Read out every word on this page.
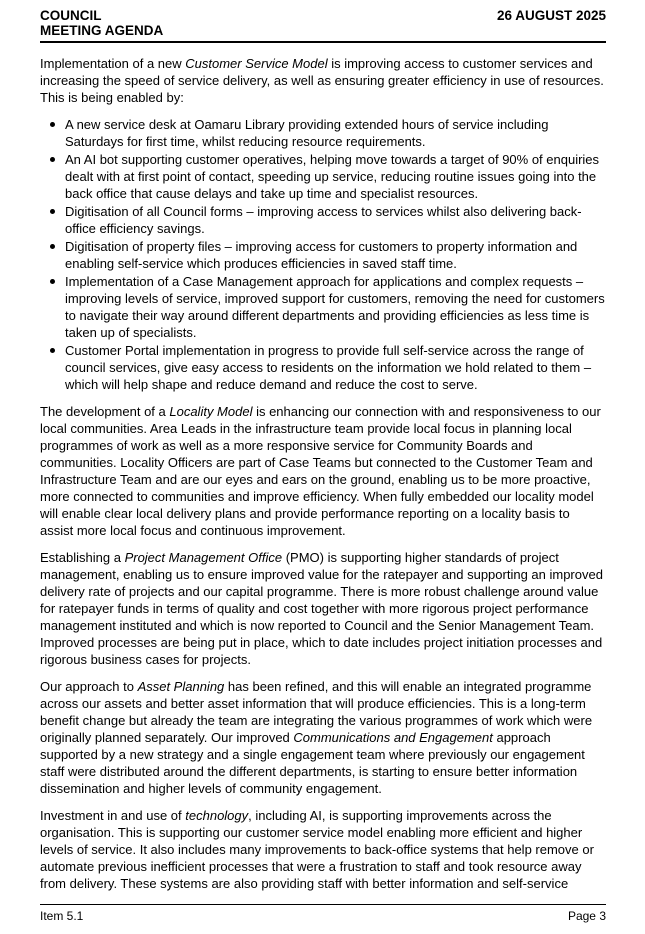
COUNCIL
MEETING AGENDA
26 AUGUST 2025

Implementation of a new Customer Service Model is improving access to customer services and increasing the speed of service delivery, as well as ensuring greater efficiency in use of resources. This is being enabled by:

A new service desk at Oamaru Library providing extended hours of service including Saturdays for first time, whilst reducing resource requirements.
An AI bot supporting customer operatives, helping move towards a target of 90% of enquiries dealt with at first point of contact, speeding up service, reducing routine issues going into the back office that cause delays and take up time and specialist resources.
Digitisation of all Council forms – improving access to services whilst also delivering back-office efficiency savings.
Digitisation of property files – improving access for customers to property information and enabling self-service which produces efficiencies in saved staff time.
Implementation of a Case Management approach for applications and complex requests – improving levels of service, improved support for customers, removing the need for customers to navigate their way around different departments and providing efficiencies as less time is taken up of specialists.
Customer Portal implementation in progress to provide full self-service across the range of council services, give easy access to residents on the information we hold related to them – which will help shape and reduce demand and reduce the cost to serve.

The development of a Locality Model is enhancing our connection with and responsiveness to our local communities. Area Leads in the infrastructure team provide local focus in planning local programmes of work as well as a more responsive service for Community Boards and communities. Locality Officers are part of Case Teams but connected to the Customer Team and Infrastructure Team and are our eyes and ears on the ground, enabling us to be more proactive, more connected to communities and improve efficiency. When fully embedded our locality model will enable clear local delivery plans and provide performance reporting on a locality basis to assist more local focus and continuous improvement.

Establishing a Project Management Office (PMO) is supporting higher standards of project management, enabling us to ensure improved value for the ratepayer and supporting an improved delivery rate of projects and our capital programme. There is more robust challenge around value for ratepayer funds in terms of quality and cost together with more rigorous project performance management instituted and which is now reported to Council and the Senior Management Team. Improved processes are being put in place, which to date includes project initiation processes and rigorous business cases for projects.

Our approach to Asset Planning has been refined, and this will enable an integrated programme across our assets and better asset information that will produce efficiencies. This is a long-term benefit change but already the team are integrating the various programmes of work which were originally planned separately. Our improved Communications and Engagement approach supported by a new strategy and a single engagement team where previously our engagement staff were distributed around the different departments, is starting to ensure better information dissemination and higher levels of community engagement.

Investment in and use of technology, including AI, is supporting improvements across the organisation. This is supporting our customer service model enabling more efficient and higher levels of service. It also includes many improvements to back-office systems that help remove or automate previous inefficient processes that were a frustration to staff and took resource away from delivery. These systems are also providing staff with better information and self-service

Item 5.1	Page 3
